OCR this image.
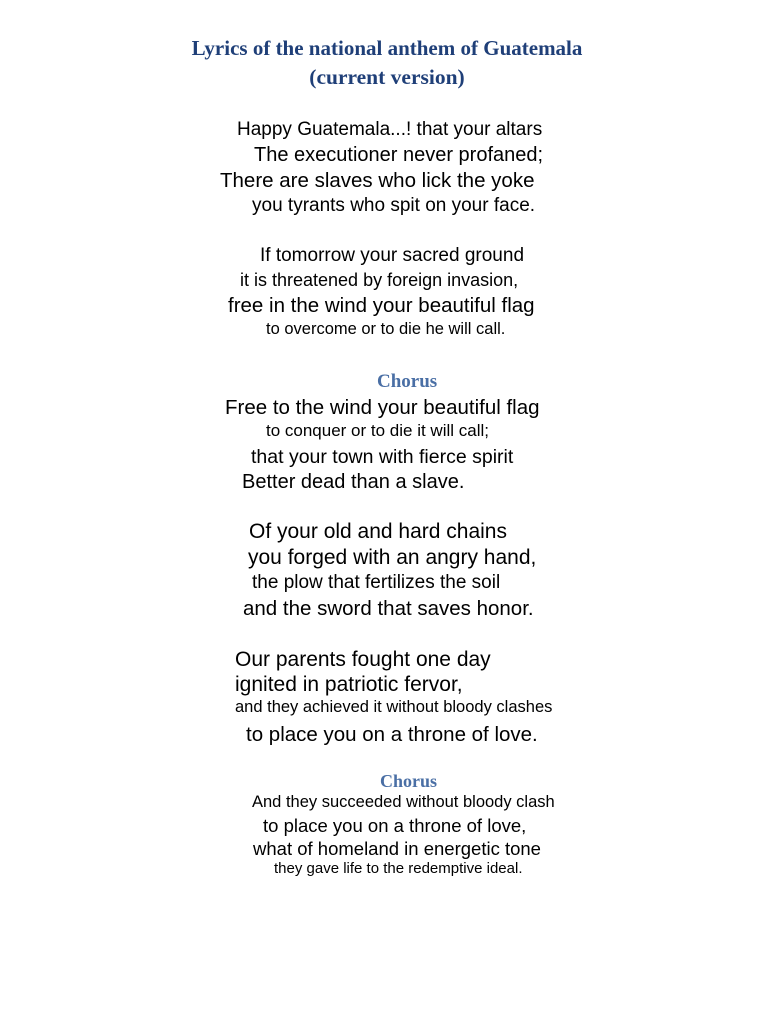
Lyrics of the national anthem of Guatemala
(current version)

Happy Guatemala...! that your altars

The executioner never profaned;

There are slaves who lick the yoke

you tyrants who spit on your face.

If tomorrow your sacred ground

it is threatened by foreign invasion,

free in the wind your beautiful flag

to overcome or to die he will call.

Chorus

Free to the wind your beautiful flag

to conquer or to die it will call;

that your town with fierce spirit

Better dead than a slave.

Of your old and hard chains

you forged with an angry hand,

the plow that fertilizes the soil

and the sword that saves honor.

Our parents fought one day

ignited in patriotic fervor,

and they achieved it without bloody clashes

to place you on a throne of love.

Chorus

And they succeeded without bloody clash

to place you on a throne of love,

what of homeland in energetic tone

they gave life to the redemptive ideal.
